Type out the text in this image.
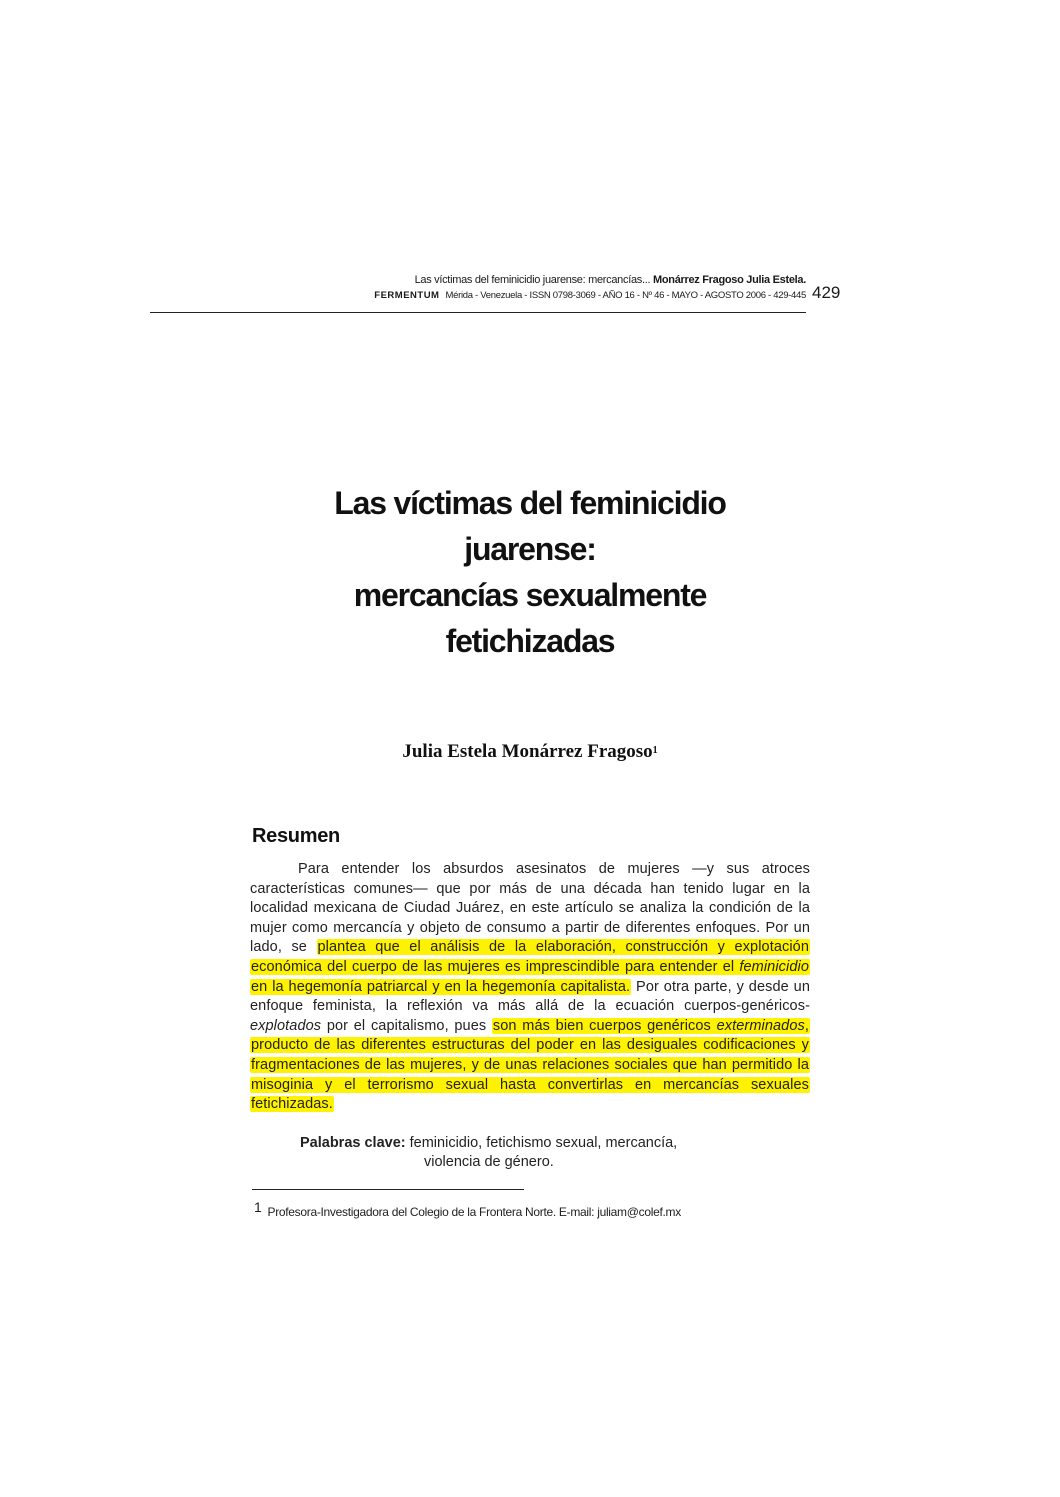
Las víctimas del feminicidio juarense: mercancías... Monárrez Fragoso Julia Estela.
FERMENTUM Mérida - Venezuela - ISSN 0798-3069 - AÑO 16 - Nº 46 - MAYO - AGOSTO 2006 - 429-445 429
Las víctimas del feminicidio
juarense:
mercancías sexualmente
fetichizadas
Julia Estela Monárrez Fragoso$^1$
Resumen

Para entender los absurdos asesinatos de mujeres —y sus atroces características comunes— que por más de una década han tenido lugar en la localidad mexicana de Ciudad Juárez, en este artículo se analiza la condición de la mujer como mercancía y objeto de consumo a partir de diferentes enfoques. Por un lado, se plantea que el análisis de la elaboración, construcción y explotación económica del cuerpo de las mujeres es imprescindible para entender el feminicidio en la hegemonía patriarcal y en la hegemonía capitalista. Por otra parte, y desde un enfoque feminista, la reflexión va más allá de la ecuación cuerpos-genéricos-explotados por el capitalismo, pues son más bien cuerpos genéricos exterminados, producto de las diferentes estructuras del poder en las desiguales codificaciones y fragmentaciones de las mujeres, y de unas relaciones sociales que han permitido la misoginia y el terrorismo sexual hasta convertirlas en mercancías sexuales fetichizadas.

Palabras clave: feminicidio, fetichismo sexual, mercancía,
violencia de género.
1 Profesora-Investigadora del Colegio de la Frontera Norte. E-mail: juliam@colef.mx
